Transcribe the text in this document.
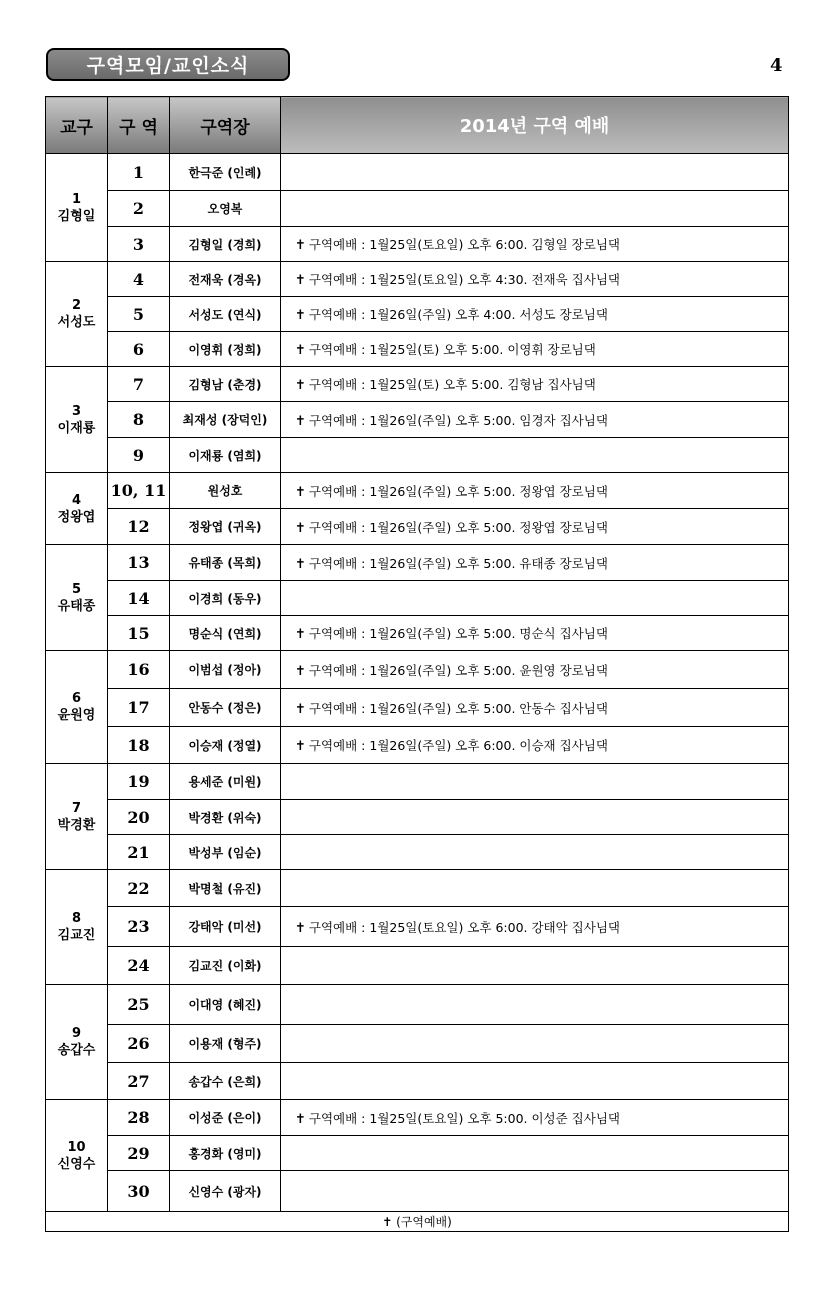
구역모임/교인소식	4
교구	구 역	구역장	2014년 구역 예배

1
김형일	1	한극준 (인례)	
	2	오영복	
	3	김형일 (경희)	✝ 구역예배 : 1월25일(토요일) 오후 6:00. 김형일 장로님댁

2
서성도	4	전재욱 (경옥)	✝ 구역예배 : 1월25일(토요일) 오후 4:30. 전재욱 집사님댁
	5	서성도 (연식)	✝ 구역예배 : 1월26일(주일) 오후 4:00. 서성도 장로님댁
	6	이영휘 (정희)	✝ 구역예배 : 1월25일(토) 오후 5:00. 이영휘 장로님댁

3
이재룡	7	김형남 (춘경)	✝ 구역예배 : 1월25일(토) 오후 5:00. 김형남 집사님댁
	8	최재성 (장덕인)	✝ 구역예배 : 1월26일(주일) 오후 5:00. 임경자 집사님댁
	9	이재룡 (염희)	

4
정왕엽	10, 11	원성호	✝ 구역예배 : 1월26일(주일) 오후 5:00. 정왕엽 장로님댁
	12	정왕엽 (귀옥)	✝ 구역예배 : 1월26일(주일) 오후 5:00. 정왕엽 장로님댁

5
유태종	13	유태종 (목희)	✝ 구역예배 : 1월26일(주일) 오후 5:00. 유태종 장로님댁
	14	이경희 (동우)	
	15	명순식 (연희)	✝ 구역예배 : 1월26일(주일) 오후 5:00. 명순식 집사님댁

6
윤원영	16	이범섭 (정아)	✝ 구역예배 : 1월26일(주일) 오후 5:00. 윤원영 장로님댁
	17	안동수 (정은)	✝ 구역예배 : 1월26일(주일) 오후 5:00. 안동수 집사님댁
	18	이승재 (정열)	✝ 구역예배 : 1월26일(주일) 오후 6:00. 이승재 집사님댁

7
박경환	19	용세준 (미원)	
	20	박경환 (위숙)	
	21	박성부 (임순)	

8
김교진	22	박명철 (유진)	
	23	강태악 (미선)	✝ 구역예배 : 1월25일(토요일) 오후 6:00. 강태악 집사님댁
	24	김교진 (이화)	

9
송갑수	25	이대영 (혜진)	
	26	이용재 (형주)	
	27	송갑수 (은희)	

10
신영수	28	이성준 (은이)	✝ 구역예배 : 1월25일(토요일) 오후 5:00. 이성준 집사님댁
	29	홍경화 (영미)	
	30	신영수 (광자)	
✝ (구역예배)			
